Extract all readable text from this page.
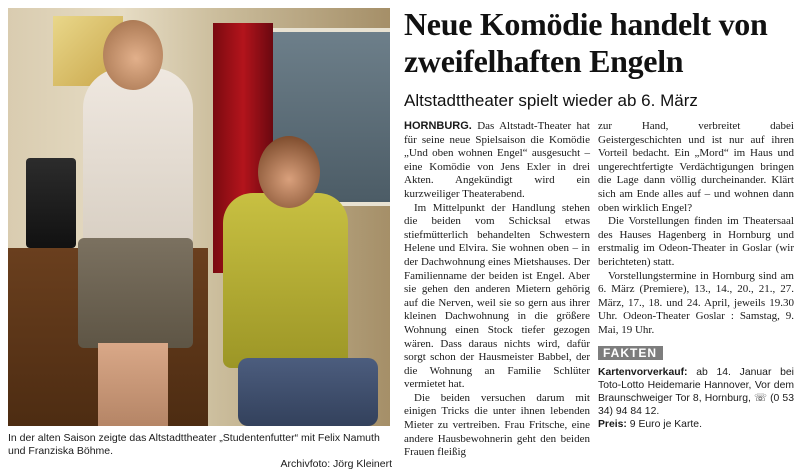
In der alten Saison zeigte das Altstadttheater „Studentenfutter“ mit Felix Namuth und Franziska Böhme.
Archivfoto: Jörg Kleinert
Neue Komödie handelt von zweifelhaften Engeln
Altstadttheater spielt wieder ab 6. März

HORNBURG. Das Altstadt-Theater hat für seine neue Spielsaison die Komödie „Und oben wohnen Engel“ ausgesucht – eine Komödie von Jens Exler in drei Akten. Angekündigt wird ein kurzweiliger Theaterabend.

Im Mittelpunkt der Handlung stehen die beiden vom Schicksal etwas stiefmütterlich behandelten Schwestern Helene und Elvira. Sie wohnen oben – in der Dachwohnung eines Mietshauses. Der Familienname der beiden ist Engel. Aber sie gehen den anderen Mietern gehörig auf die Nerven, weil sie so gern aus ihrer kleinen Dachwohnung in die größere Wohnung einen Stock tiefer gezogen wären. Dass daraus nichts wird, dafür sorgt schon der Hausmeister Babbel, der die Wohnung an Familie Schlüter vermietet hat.

Die beiden versuchen darum mit einigen Tricks die unter ihnen lebenden Mieter zu vertreiben. Frau Fritsche, eine andere Hausbewohnerin geht den beiden Frauen fleißig

zur Hand, verbreitet dabei Geistergeschichten und ist nur auf ihren Vorteil bedacht. Ein „Mord“ im Haus und ungerechtfertigte Verdächtigungen bringen die Lage dann völlig durcheinander. Klärt sich am Ende alles auf – und wohnen dann oben wirklich Engel?

Die Vorstellungen finden im Theatersaal des Hauses Hagenberg in Hornburg und erstmalig im Odeon-Theater in Goslar (wir berichteten) statt.

Vorstellungstermine in Hornburg sind am 6. März (Premiere), 13., 14., 20., 21., 27. März, 17., 18. und 24. April, jeweils 19.30 Uhr. Odeon-Theater Goslar : Samstag, 9. Mai, 19 Uhr.

FAKTEN
Kartenvorverkauf: ab 14. Januar bei Toto-Lotto Heidemarie Hannover, Vor dem Braunschweiger Tor 8, Hornburg, ☏ (0 53 34) 94 84 12.
Preis: 9 Euro je Karte.
